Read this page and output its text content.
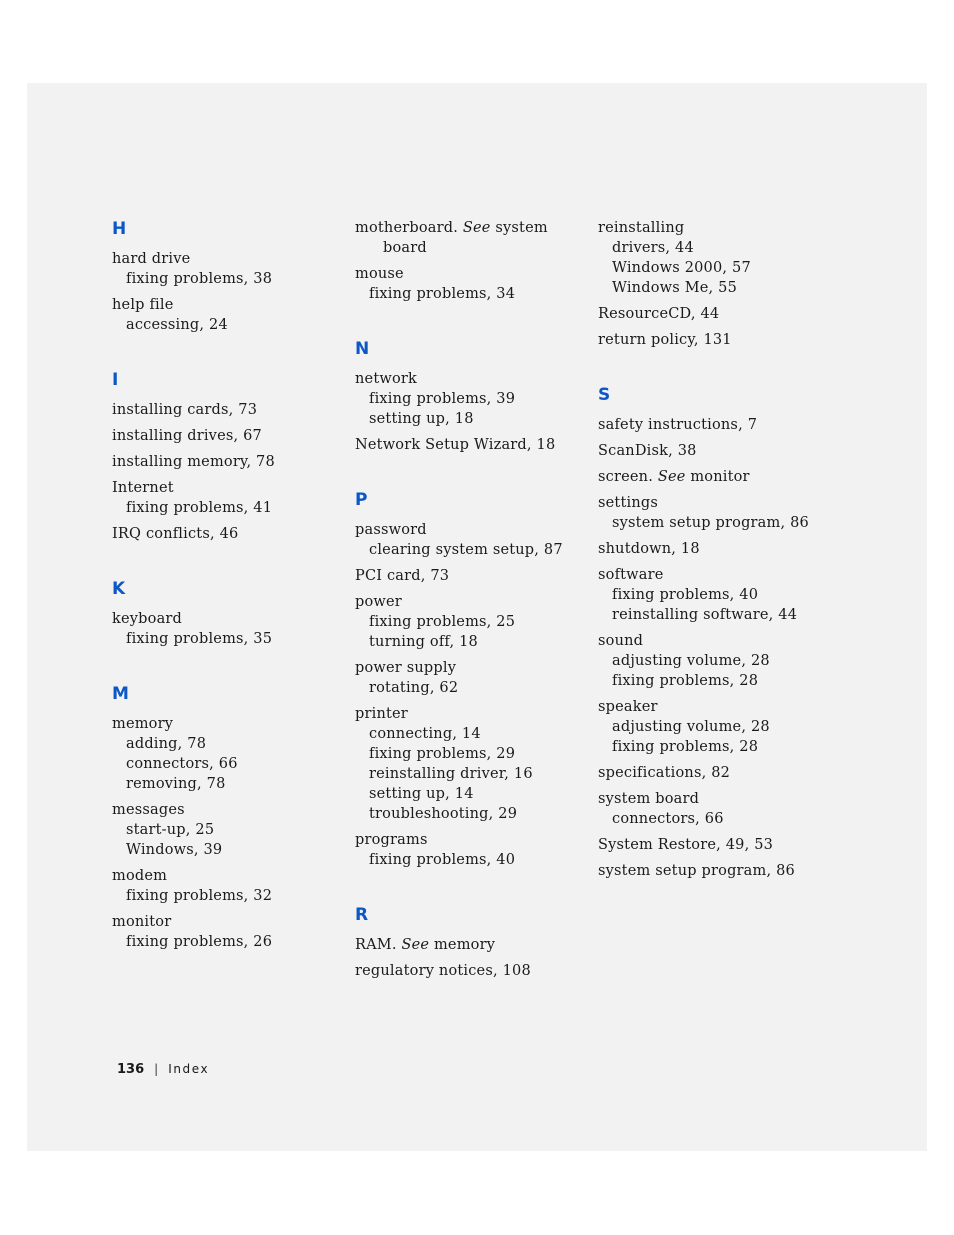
H
hard drive
fixing problems, 38
help file
accessing, 24
I
installing cards, 73
installing drives, 67
installing memory, 78
Internet
fixing problems, 41
IRQ conflicts, 46
K
keyboard
fixing problems, 35
M
memory
adding, 78
connectors, 66
removing, 78
messages
start-up, 25
Windows, 39
modem
fixing problems, 32
monitor
fixing problems, 26
motherboard. See system board
mouse
fixing problems, 34
N
network
fixing problems, 39
setting up, 18
Network Setup Wizard, 18
P
password
clearing system setup, 87
PCI card, 73
power
fixing problems, 25
turning off, 18
power supply
rotating, 62
printer
connecting, 14
fixing problems, 29
reinstalling driver, 16
setting up, 14
troubleshooting, 29
programs
fixing problems, 40
R
RAM. See memory
regulatory notices, 108
reinstalling
drivers, 44
Windows 2000, 57
Windows Me, 55
ResourceCD, 44
return policy, 131
S
safety instructions, 7
ScanDisk, 38
screen. See monitor
settings
system setup program, 86
shutdown, 18
software
fixing problems, 40
reinstalling software, 44
sound
adjusting volume, 28
fixing problems, 28
speaker
adjusting volume, 28
fixing problems, 28
specifications, 82
system board
connectors, 66
System Restore, 49, 53
system setup program, 86
136 | Index
